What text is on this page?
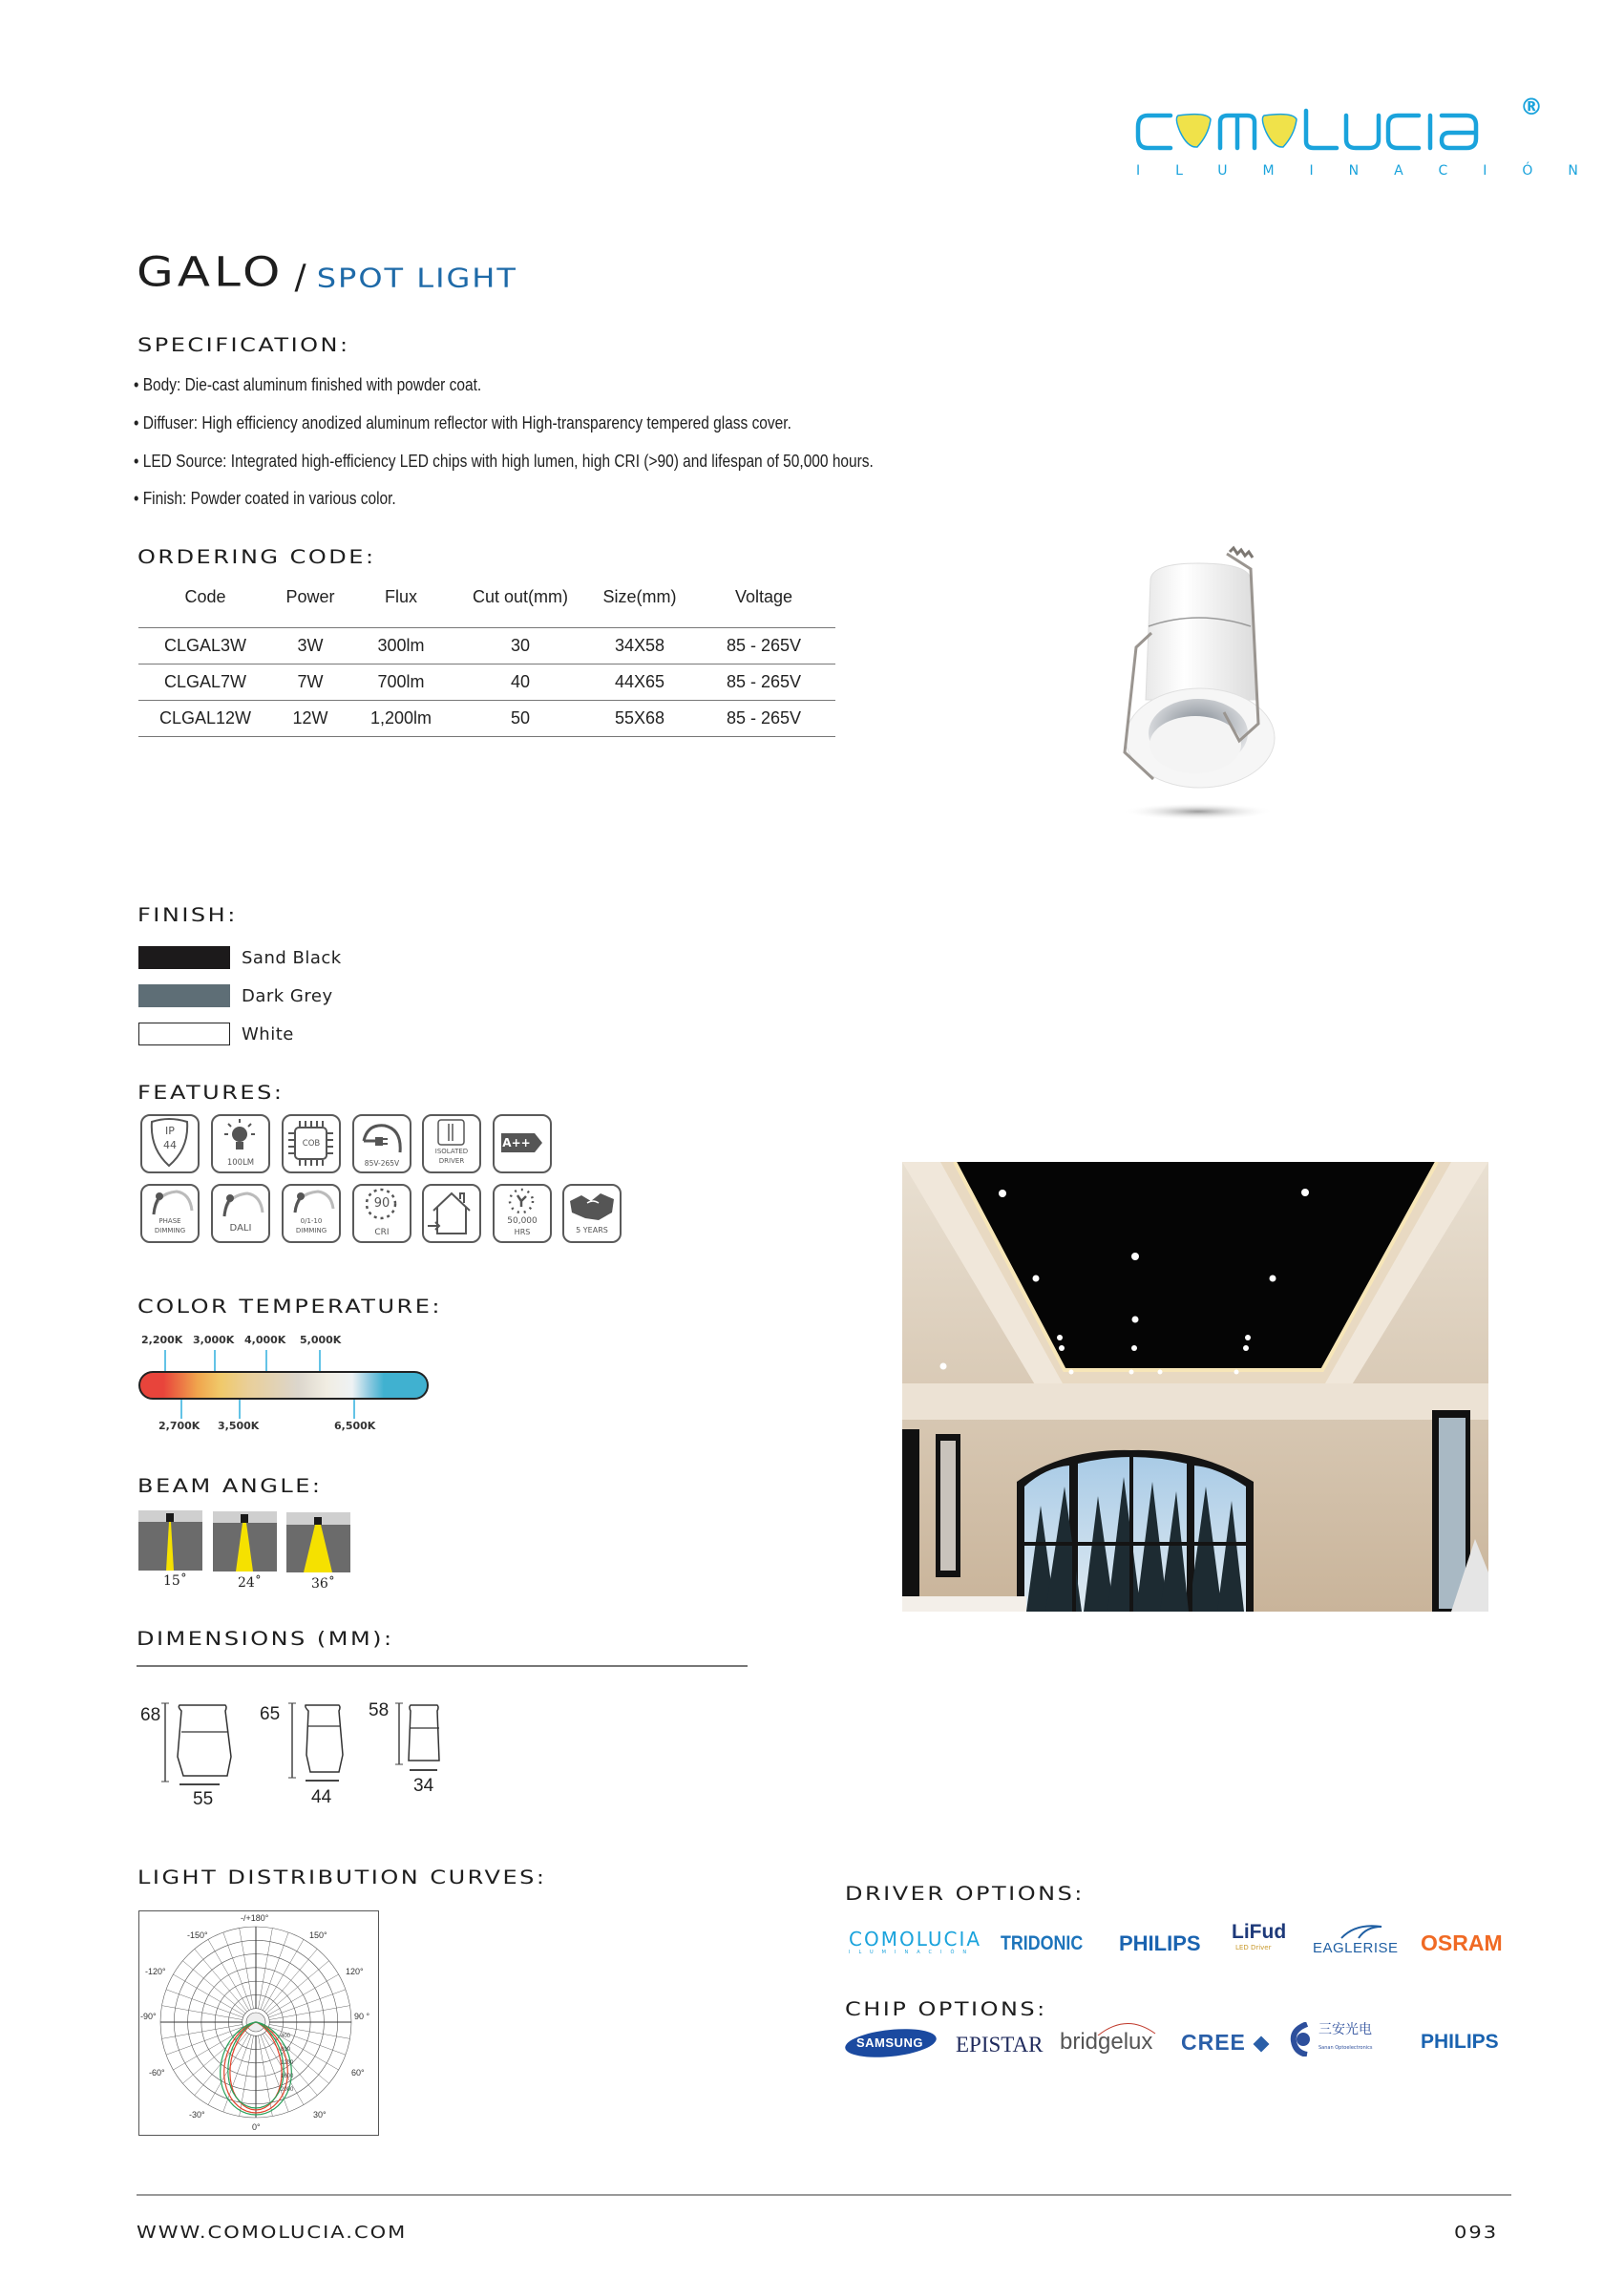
®
ILUMINACIÓN
GALO / SPOT LIGHT
SPECIFICATION:
• Body: Die-cast aluminum finished with powder coat.
• Diffuser: High efficiency anodized aluminum reflector with High-transparency tempered glass cover.
• LED Source: Integrated high-efficiency LED chips with high lumen, high CRI (>90) and lifespan of 50,000 hours.
• Finish: Powder coated in various color.
ORDERING CODE:
Code	Power	Flux	Cut out(mm)	Size(mm)	Voltage
CLGAL3W	3W	300lm	30	34X58	85 - 265V
CLGAL7W	7W	700lm	40	44X65	85 - 265V
CLGAL12W	12W	1,200lm	50	55X68	85 - 265V
FINISH:
Sand Black
Dark Grey
White
FEATURES:
IP
44
100LM
COB
85V-265V
ISOLATED
DRIVER
A++
PHASE
DIMMING	DALI
0/1-10
DIMMING
90
CRI
50,000
HRS	5 YEARS
COLOR TEMPERATURE:
2,200K 3,000K 4,000K 5,000K
2,700K 3,500K	6,500K
BEAM ANGLE:
15˚	24˚	36˚
DIMENSIONS (MM):
68
55
65
44
58
34
LIGHT DISTRIBUTION CURVES:
-/+180°
-150°	150°
-120°	120°
-90°	90 °
-60°	60°
-30°	30°
0°
400
800
1200
1600
2000
DRIVER OPTIONS:
COMOLUCIA
ILUMINACIÓN	TRIDONIC PHILIPS LiFud
LED Driver	EAGLERISE OSRAM
CHIP OPTIONS:
SAMSUNG EPISTAR bridgelux	CREE	三安光电
Sanan Optoelectronics PHILIPS
WWW.COMOLUCIA.COM	093
